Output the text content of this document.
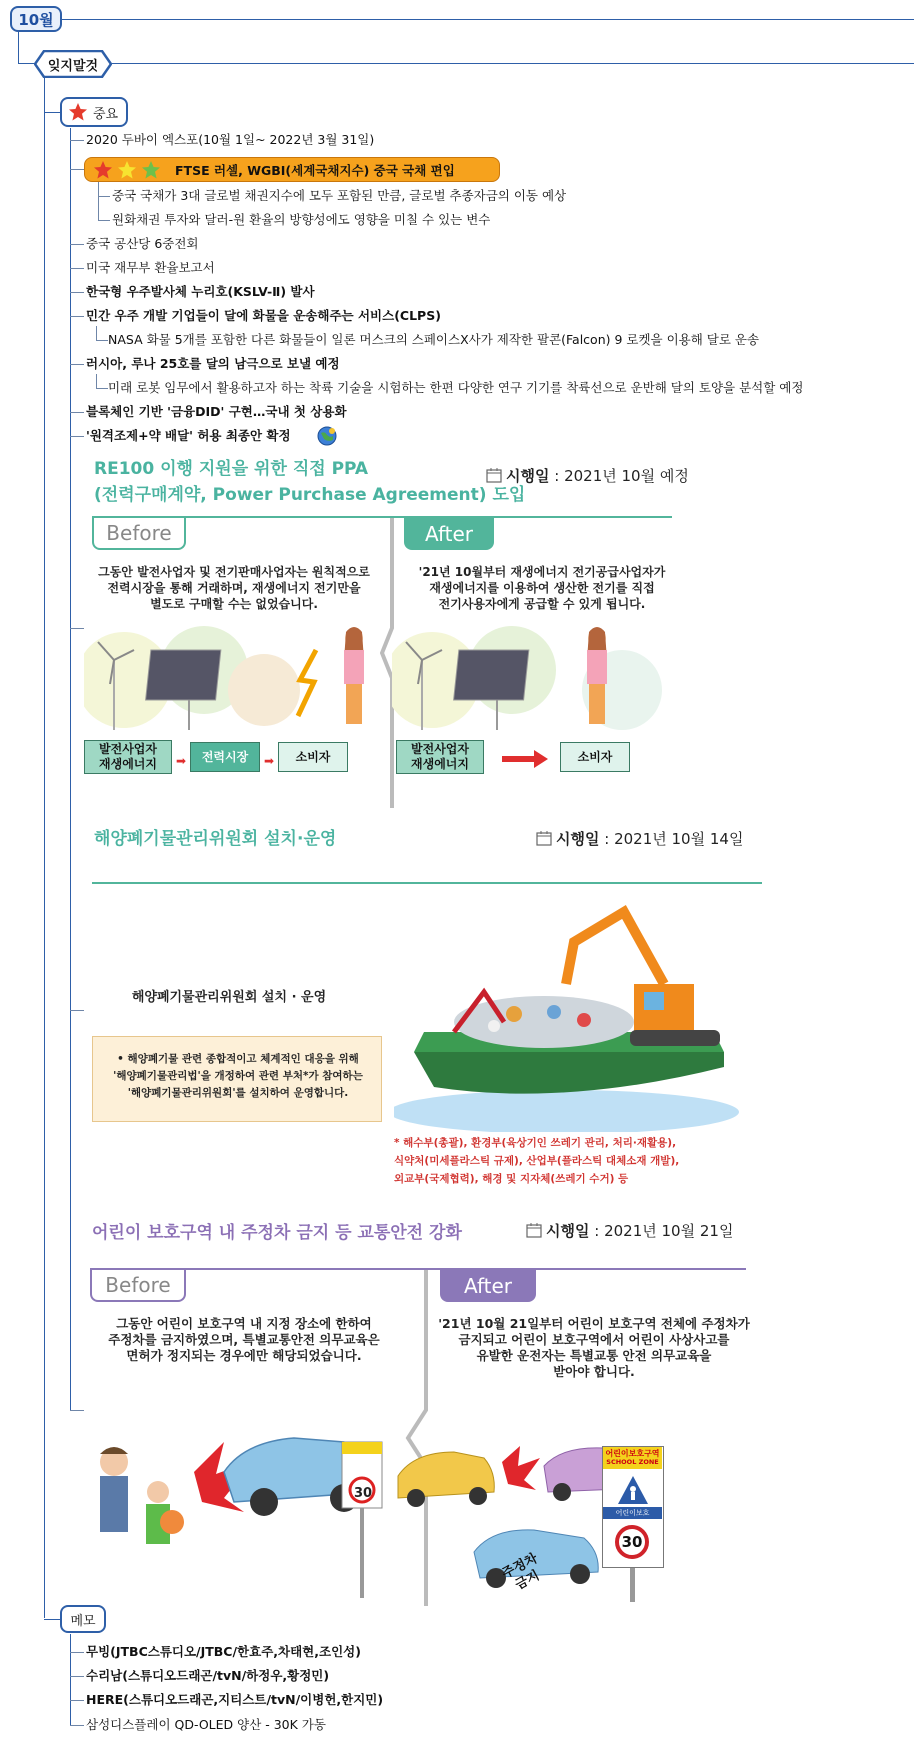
10월
잊지말것
중요
2020 두바이 엑스포(10월 1일~ 2022년 3월 31일)
FTSE 러셀, WGBI(세계국채지수) 중국 국채 편입
중국 국채가 3대 글로벌 채권지수에 모두 포함된 만큼, 글로벌 추종자금의 이동 예상
원화채권 투자와 달러-원 환율의 방향성에도 영향을 미칠 수 있는 변수
중국 공산당 6중전회
미국 재무부 환율보고서
한국형 우주발사체 누리호(KSLV-Ⅱ) 발사
민간 우주 개발 기업들이 달에 화물을 운송해주는 서비스(CLPS)
NASA 화물 5개를 포함한 다른 화물들이 일론 머스크의 스페이스X사가 제작한 팔콘(Falcon) 9 로켓을 이용해 달로 운송
러시아, 루나 25호를 달의 남극으로 보낼 예정
미래 로봇 임무에서 활용하고자 하는 착륙 기술을 시험하는 한편 다양한 연구 기기를 착륙선으로 운반해 달의 토양을 분석할 예정
블록체인 기반 '금융DID' 구현…국내 첫 상용화
'원격조제+약 배달' 허용 최종안 확정
RE100 이행 지원을 위한 직접 PPA
(전력구매계약, Power Purchase Agreement) 도입
시행일 : 2021년 10월 예정
Before	After
그동안 발전사업자 및 전기판매사업자는 원칙적으로
전력시장을 통해 거래하며, 재생에너지 전기만을
별도로 구매할 수는 없었습니다.
'21년 10월부터 재생에너지 전기공급사업자가
재생에너지를 이용하여 생산한 전기를 직접
전기사용자에게 공급할 수 있게 됩니다.
발전사업자
재생에너지	➡	전력시장	➡	소비자
발전사업자
재생에너지
소비자
해양폐기물관리위원회 설치·운영	시행일 : 2021년 10월 14일
해양폐기물관리위원회 설치 · 운영
• 해양폐기물 관련 종합적이고 체계적인 대응을 위해
'해양폐기물관리법'을 개정하여 관련 부처*가 참여하는
'해양폐기물관리위원회'를 설치하여 운영합니다.
* 해수부(총괄), 환경부(육상기인 쓰레기 관리, 처리·재활용),
식약처(미세플라스틱 규제), 산업부(플라스틱 대체소재 개발),
외교부(국제협력), 해경 및 지자체(쓰레기 수거) 등
어린이 보호구역 내 주정차 금지 등 교통안전 강화	시행일 : 2021년 10월 21일
Before	After
그동안 어린이 보호구역 내 지정 장소에 한하여
주정차를 금지하였으며, 특별교통안전 의무교육은
면허가 정지되는 경우에만 해당되었습니다.
'21년 10월 21일부터 어린이 보호구역 전체에 주정차가
금지되고 어린이 보호구역에서 어린이 사상사고를
유발한 운전자는 특별교통 안전 의무교육을
받아야 합니다.
30
어린이보호구역
SCHOOL ZONE
어린이보호
30
주정차
금지
메모
무빙(JTBC스튜디오/JTBC/한효주,차태현,조인성)
수리남(스튜디오드래곤/tvN/하정우,황정민)
HERE(스튜디오드래곤,지티스트/tvN/이병헌,한지민)
삼성디스플레이 QD-OLED 양산 - 30K 가동
